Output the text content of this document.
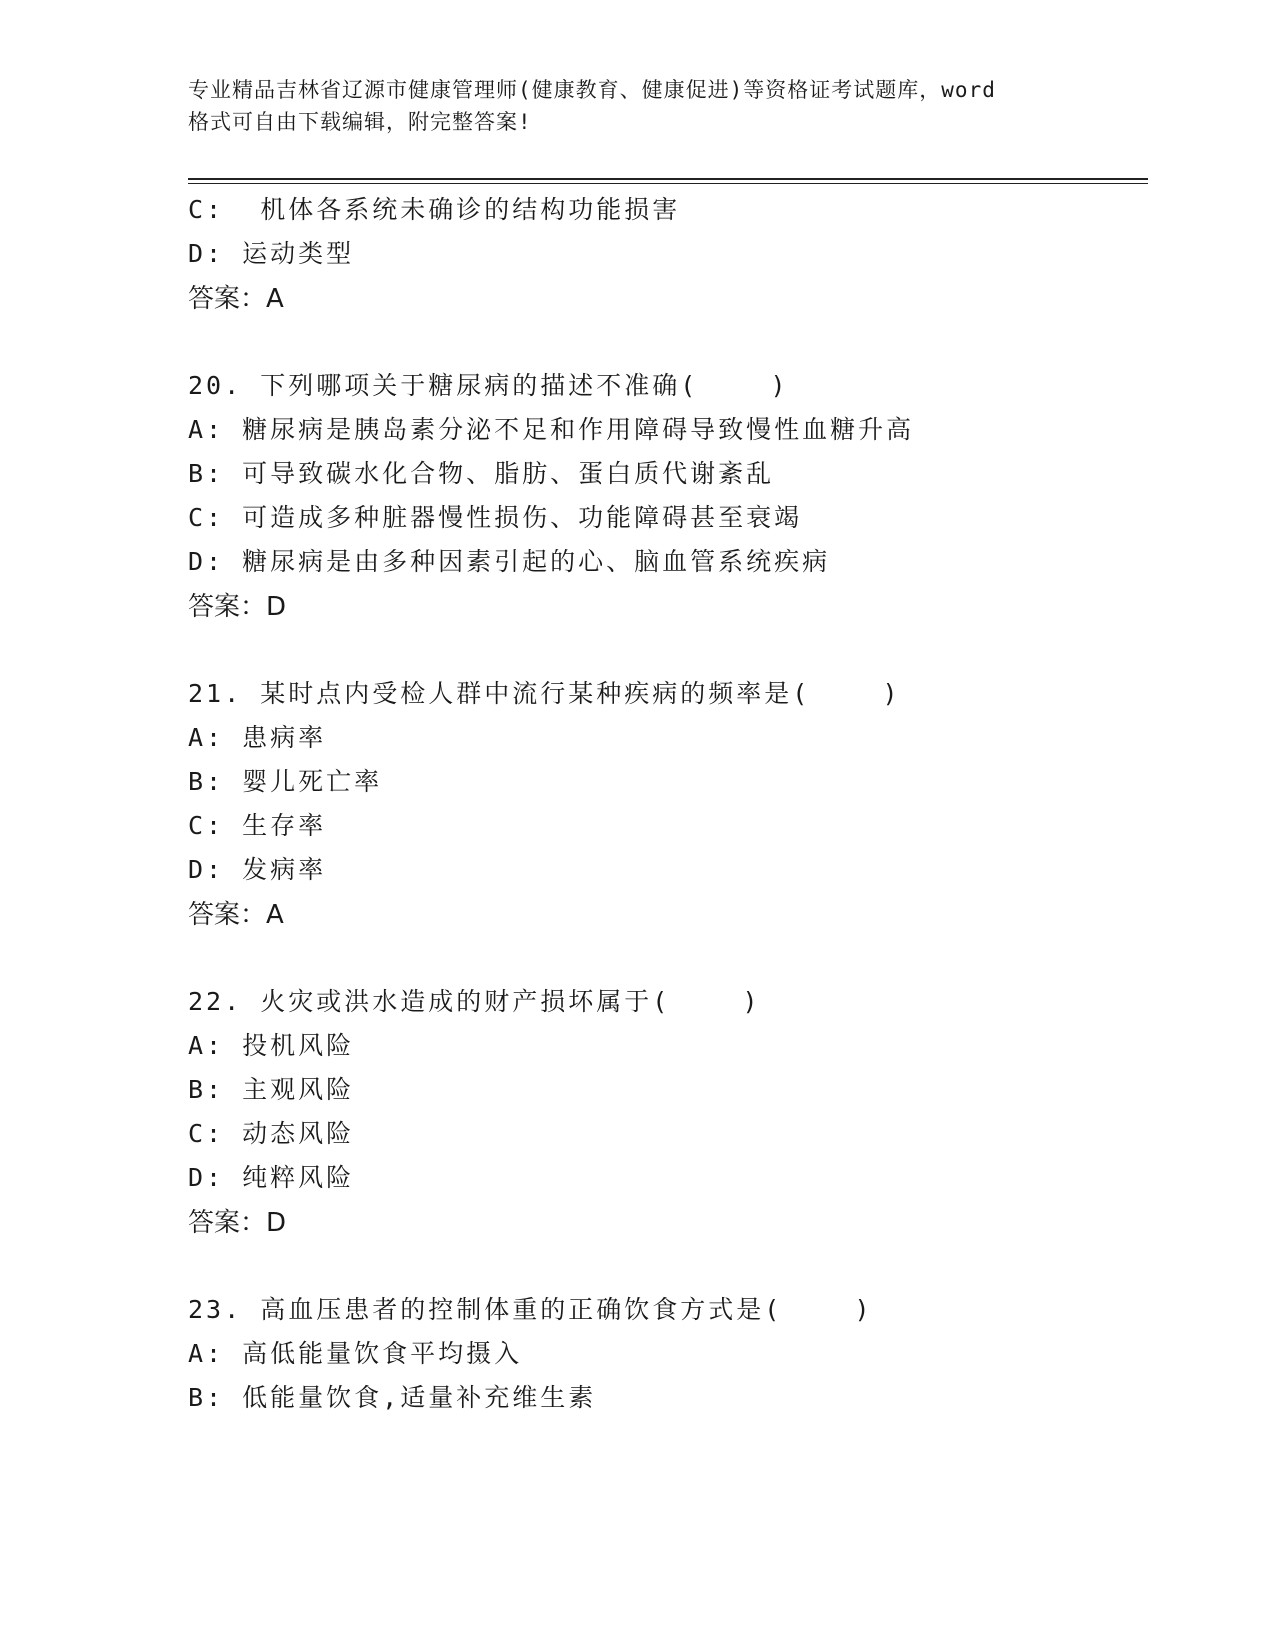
专业精品吉林省辽源市健康管理师(健康教育、健康促进)等资格证考试题库，word
格式可自由下载编辑，附完整答案!
C:  机体各系统未确诊的结构功能损害
D: 运动类型
答案：A
20. 下列哪项关于糖尿病的描述不准确(    )
A: 糖尿病是胰岛素分泌不足和作用障碍导致慢性血糖升高
B: 可导致碳水化合物、脂肪、蛋白质代谢紊乱
C: 可造成多种脏器慢性损伤、功能障碍甚至衰竭
D: 糖尿病是由多种因素引起的心、脑血管系统疾病
答案：D
21. 某时点内受检人群中流行某种疾病的频率是(    )
A: 患病率
B: 婴儿死亡率
C: 生存率
D: 发病率
答案：A
22. 火灾或洪水造成的财产损坏属于(    )
A: 投机风险
B: 主观风险
C: 动态风险
D: 纯粹风险
答案：D
23. 高血压患者的控制体重的正确饮食方式是(    )
A: 高低能量饮食平均摄入
B: 低能量饮食,适量补充维生素
